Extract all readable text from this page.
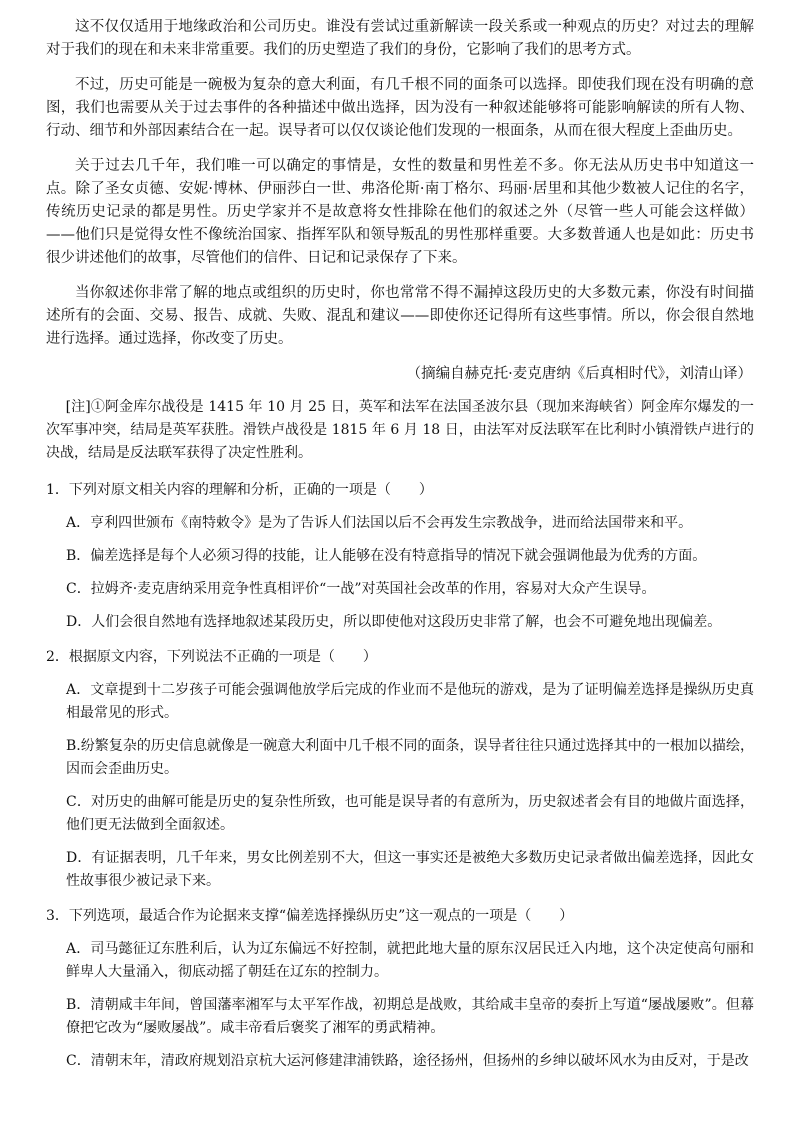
这不仅仅适用于地缘政治和公司历史。谁没有尝试过重新解读一段关系或一种观点的历史？对过去的理解对于我们的现在和未来非常重要。我们的历史塑造了我们的身份，它影响了我们的思考方式。

不过，历史可能是一碗极为复杂的意大利面，有几千根不同的面条可以选择。即使我们现在没有明确的意图，我们也需要从关于过去事件的各种描述中做出选择，因为没有一种叙述能够将可能影响解读的所有人物、行动、细节和外部因素结合在一起。误导者可以仅仅谈论他们发现的一根面条，从而在很大程度上歪曲历史。

关于过去几千年，我们唯一可以确定的事情是，女性的数量和男性差不多。你无法从历史书中知道这一点。除了圣女贞德、安妮·博林、伊丽莎白一世、弗洛伦斯·南丁格尔、玛丽·居里和其他少数被人记住的名字，传统历史记录的都是男性。历史学家并不是故意将女性排除在他们的叙述之外（尽管一些人可能会这样做）——他们只是觉得女性不像统治国家、指挥军队和领导叛乱的男性那样重要。大多数普通人也是如此：历史书很少讲述他们的故事，尽管他们的信件、日记和记录保存了下来。

当你叙述你非常了解的地点或组织的历史时，你也常常不得不漏掉这段历史的大多数元素，你没有时间描述所有的会面、交易、报告、成就、失败、混乱和建议——即使你还记得所有这些事情。所以，你会很自然地进行选择。通过选择，你改变了历史。

（摘编自赫克托·麦克唐纳《后真相时代》，刘清山译）

[注]①阿金库尔战役是 1415 年 10 月 25 日，英军和法军在法国圣波尔县（现加来海峡省）阿金库尔爆发的一次军事冲突，结局是英军获胜。滑铁卢战役是 1815 年 6 月 18 日，由法军对反法联军在比利时小镇滑铁卢进行的决战，结局是反法联军获得了决定性胜利。

1．下列对原文相关内容的理解和分析，正确的一项是（　　）

A．亨利四世颁布《南特敕令》是为了告诉人们法国以后不会再发生宗教战争，进而给法国带来和平。

B．偏差选择是每个人必须习得的技能，让人能够在没有特意指导的情况下就会强调他最为优秀的方面。

C．拉姆齐·麦克唐纳采用竞争性真相评价“一战”对英国社会改革的作用，容易对大众产生误导。

D．人们会很自然地有选择地叙述某段历史，所以即使他对这段历史非常了解，也会不可避免地出现偏差。

2．根据原文内容，下列说法不正确的一项是（　　）

A．文章提到十二岁孩子可能会强调他放学后完成的作业而不是他玩的游戏，是为了证明偏差选择是操纵历史真相最常见的形式。

B.纷繁复杂的历史信息就像是一碗意大利面中几千根不同的面条，误导者往往只通过选择其中的一根加以描绘，因而会歪曲历史。

C．对历史的曲解可能是历史的复杂性所致，也可能是误导者的有意所为，历史叙述者会有目的地做片面选择，他们更无法做到全面叙述。

D．有证据表明，几千年来，男女比例差别不大，但这一事实还是被绝大多数历史记录者做出偏差选择，因此女性故事很少被记录下来。

3．下列选项，最适合作为论据来支撑“偏差选择操纵历史”这一观点的一项是（　　）

A．司马懿征辽东胜利后，认为辽东偏远不好控制，就把此地大量的原东汉居民迁入内地，这个决定使高句丽和鲜卑人大量涌入，彻底动摇了朝廷在辽东的控制力。

B．清朝咸丰年间，曾国藩率湘军与太平军作战，初期总是战败，其给咸丰皇帝的奏折上写道“屡战屡败”。但幕僚把它改为“屡败屡战”。咸丰帝看后褒奖了湘军的勇武精神。

C．清朝末年，清政府规划沿京杭大运河修建津浦铁路，途径扬州，但扬州的乡绅以破坏风水为由反对，于是改
